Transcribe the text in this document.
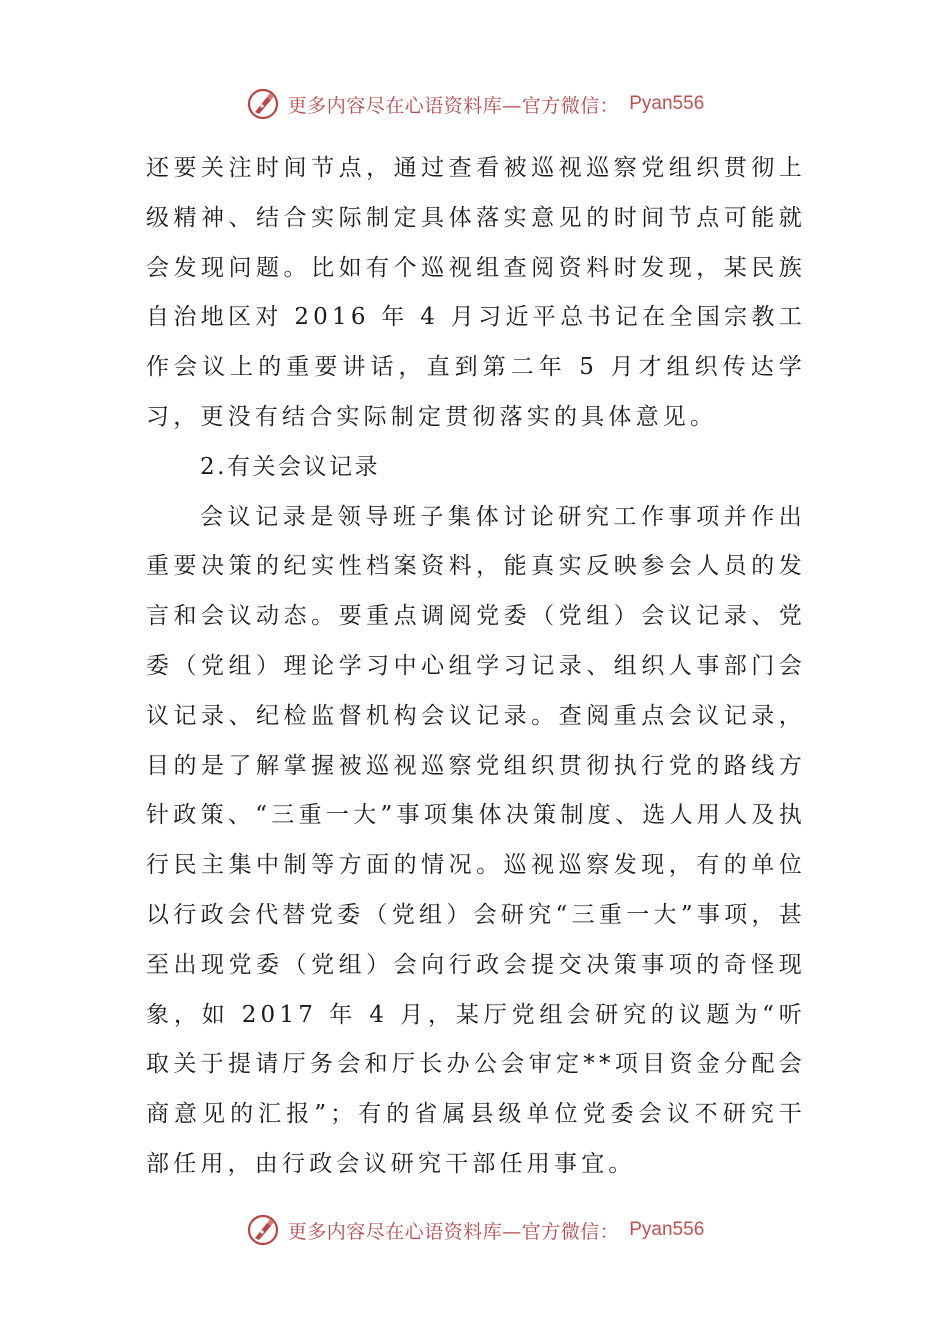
更多内容尽在心语资料库—官方微信： Pyan556

还要关注时间节点，通过查看被巡视巡察党组织贯彻上级精神、结合实际制定具体落实意见的时间节点可能就会发现问题。比如有个巡视组查阅资料时发现，某民族自治地区对 2016 年 4 月习近平总书记在全国宗教工作会议上的重要讲话，直到第二年 5 月才组织传达学习，更没有结合实际制定贯彻落实的具体意见。

2.有关会议记录

会议记录是领导班子集体讨论研究工作事项并作出重要决策的纪实性档案资料，能真实反映参会人员的发言和会议动态。要重点调阅党委（党组）会议记录、党委（党组）理论学习中心组学习记录、组织人事部门会议记录、纪检监督机构会议记录。查阅重点会议记录，目的是了解掌握被巡视巡察党组织贯彻执行党的路线方针政策、“三重一大”事项集体决策制度、选人用人及执行民主集中制等方面的情况。巡视巡察发现，有的单位以行政会代替党委（党组）会研究“三重一大”事项，甚至出现党委（党组）会向行政会提交决策事项的奇怪现象，如 2017 年 4 月，某厅党组会研究的议题为“听取关于提请厅务会和厅长办公会审定**项目资金分配会商意见的汇报”；有的省属县级单位党委会议不研究干部任用，由行政会议研究干部任用事宜。

更多内容尽在心语资料库—官方微信： Pyan556
